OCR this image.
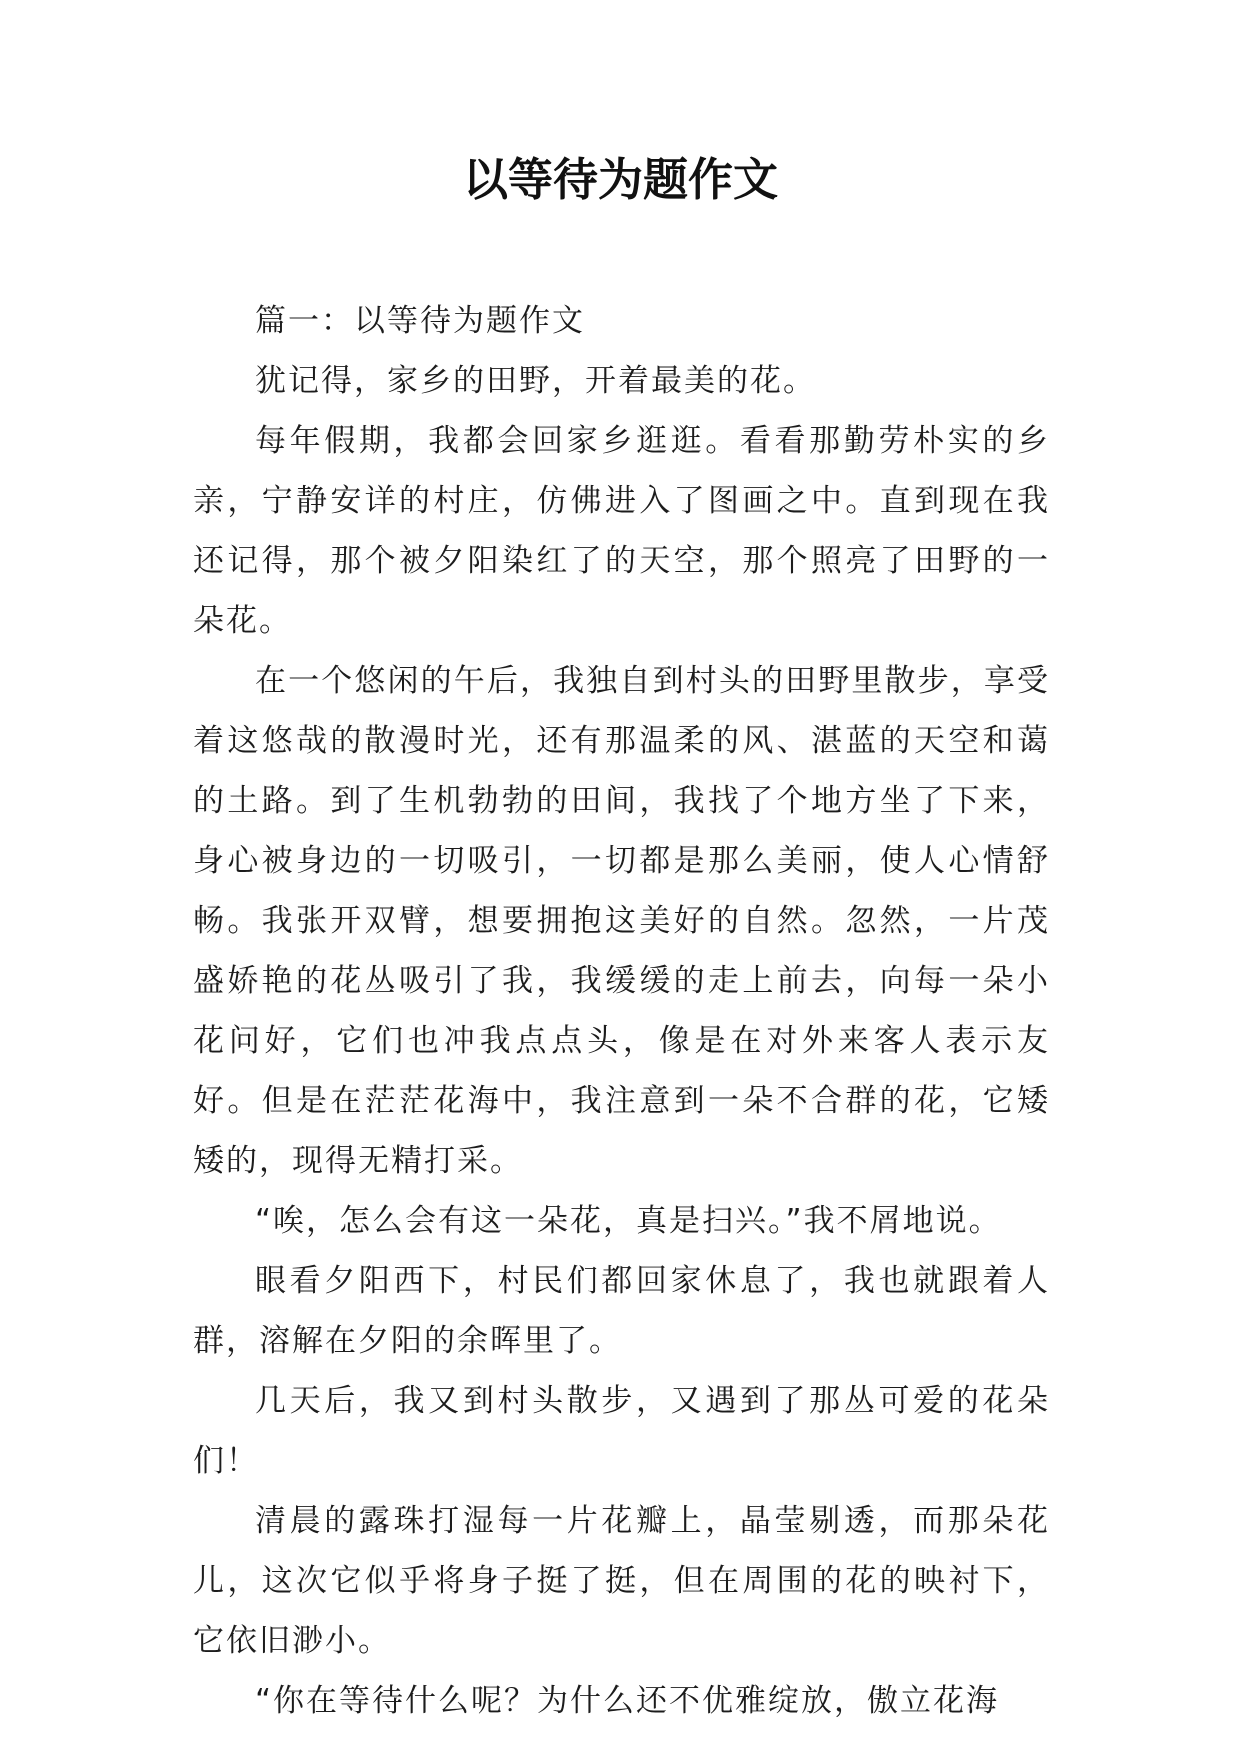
以等待为题作文

篇一：以等待为题作文

犹记得，家乡的田野，开着最美的花。

每年假期，我都会回家乡逛逛。看看那勤劳朴实的乡亲，宁静安详的村庄，仿佛进入了图画之中。直到现在我还记得，那个被夕阳染红了的天空，那个照亮了田野的一朵花。

在一个悠闲的午后，我独自到村头的田野里散步，享受着这悠哉的散漫时光，还有那温柔的风、湛蓝的天空和蔼的土路。到了生机勃勃的田间，我找了个地方坐了下来，身心被身边的一切吸引，一切都是那么美丽，使人心情舒畅。我张开双臂，想要拥抱这美好的自然。忽然，一片茂盛娇艳的花丛吸引了我，我缓缓的走上前去，向每一朵小花问好，它们也冲我点点头，像是在对外来客人表示友好。但是在茫茫花海中，我注意到一朵不合群的花，它矮矮的，现得无精打采。

“唉，怎么会有这一朵花，真是扫兴。”我不屑地说。

眼看夕阳西下，村民们都回家休息了，我也就跟着人群，溶解在夕阳的余晖里了。

几天后，我又到村头散步，又遇到了那丛可爱的花朵们！

清晨的露珠打湿每一片花瓣上，晶莹剔透，而那朵花儿，这次它似乎将身子挺了挺，但在周围的花的映衬下，它依旧渺小。

“你在等待什么呢？为什么还不优雅绽放，傲立花海
